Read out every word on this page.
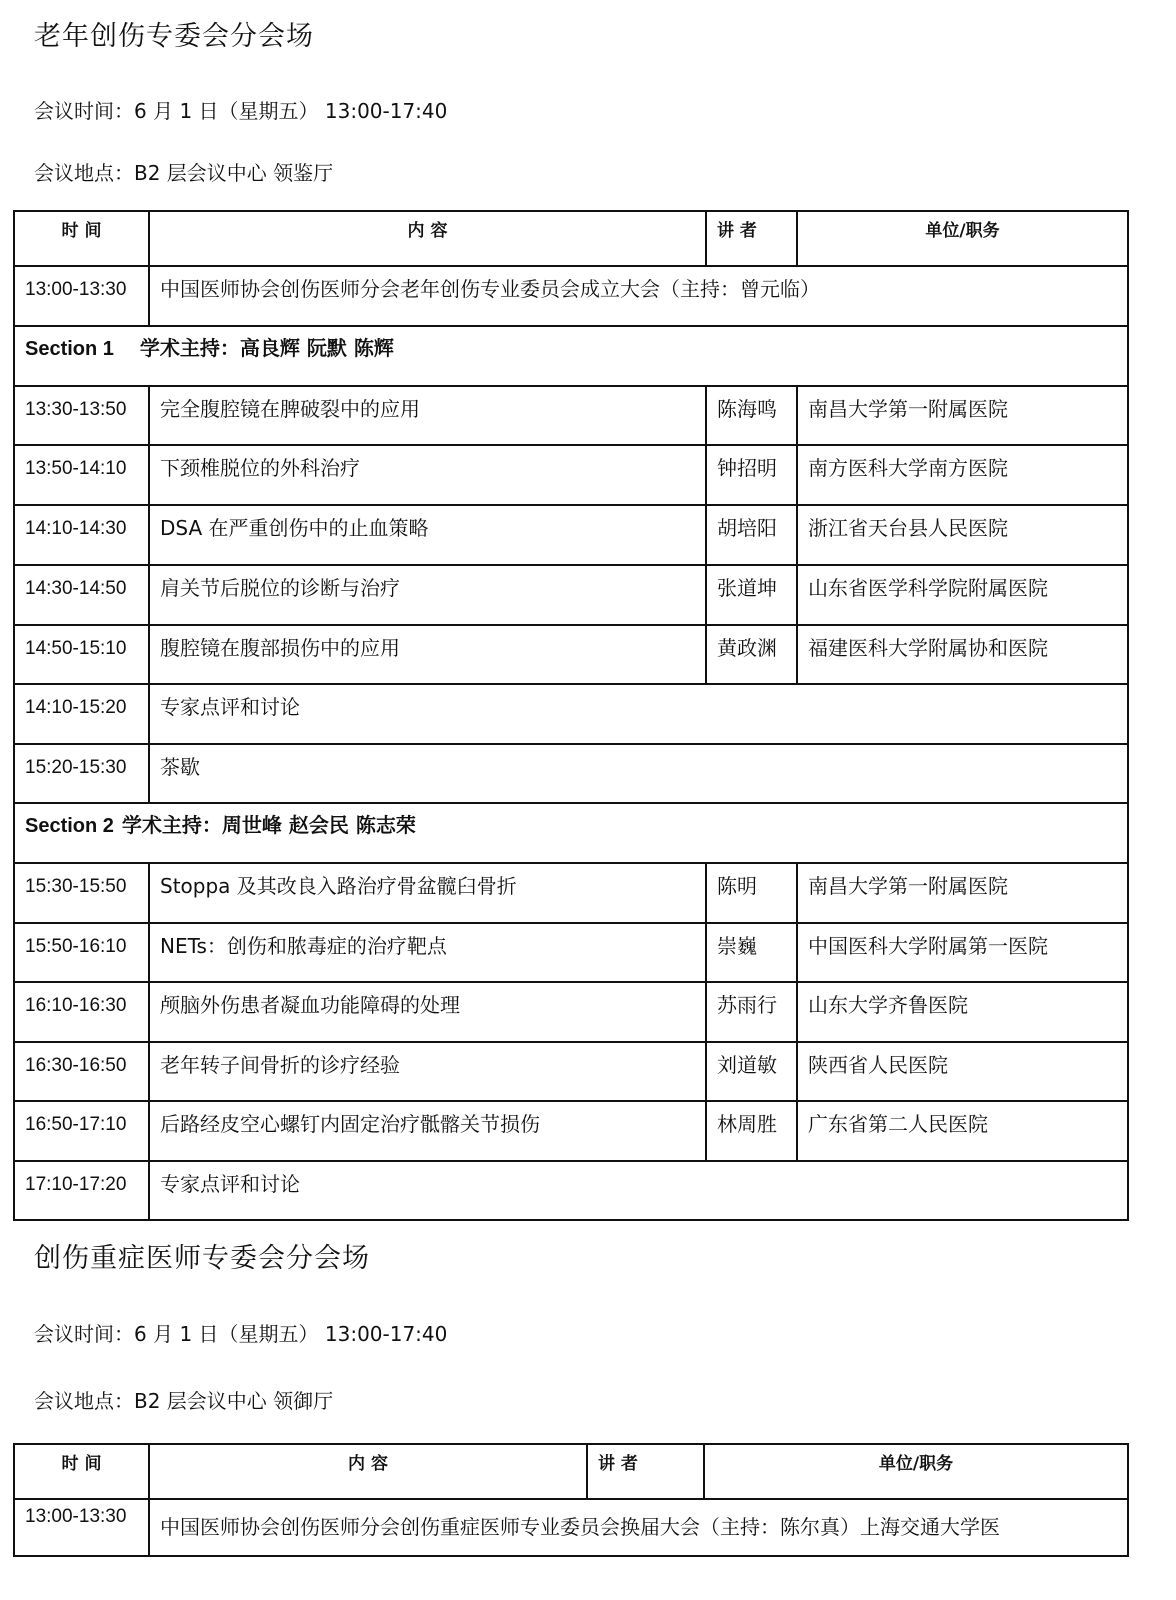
老年创伤专委会分会场
会议时间：6 月 1 日（星期五） 13:00-17:40
会议地点：B2 层会议中心 领鉴厅
时 间	内 容	讲 者	单位/职务
13:00-13:30	中国医师协会创伤医师分会老年创伤专业委员会成立大会（主持：曾元临）		
Section 1 学术主持：高良辉 阮默 陈辉			
13:30-13:50	完全腹腔镜在脾破裂中的应用	陈海鸣	南昌大学第一附属医院
13:50-14:10	下颈椎脱位的外科治疗	钟招明	南方医科大学南方医院
14:10-14:30	DSA 在严重创伤中的止血策略	胡培阳	浙江省天台县人民医院
14:30-14:50	肩关节后脱位的诊断与治疗	张道坤	山东省医学科学院附属医院
14:50-15:10	腹腔镜在腹部损伤中的应用	黄政渊	福建医科大学附属协和医院
14:10-15:20	专家点评和讨论		
15:20-15:30	茶歇		
Section 2 学术主持：周世峰 赵会民 陈志荣			
15:30-15:50	Stoppa 及其改良入路治疗骨盆髋臼骨折	陈明	南昌大学第一附属医院
15:50-16:10	NETs：创伤和脓毒症的治疗靶点	崇巍	中国医科大学附属第一医院
16:10-16:30	颅脑外伤患者凝血功能障碍的处理	苏雨行	山东大学齐鲁医院
16:30-16:50	老年转子间骨折的诊疗经验	刘道敏	陕西省人民医院
16:50-17:10	后路经皮空心螺钉内固定治疗骶髂关节损伤	林周胜	广东省第二人民医院
17:10-17:20	专家点评和讨论		
创伤重症医师专委会分会场
会议时间：6 月 1 日（星期五） 13:00-17:40
会议地点：B2 层会议中心 领御厅
时 间	内 容	讲 者	单位/职务
13:00-13:30	中国医师协会创伤医师分会创伤重症医师专业委员会换届大会（主持：陈尔真）上海交通大学医		
